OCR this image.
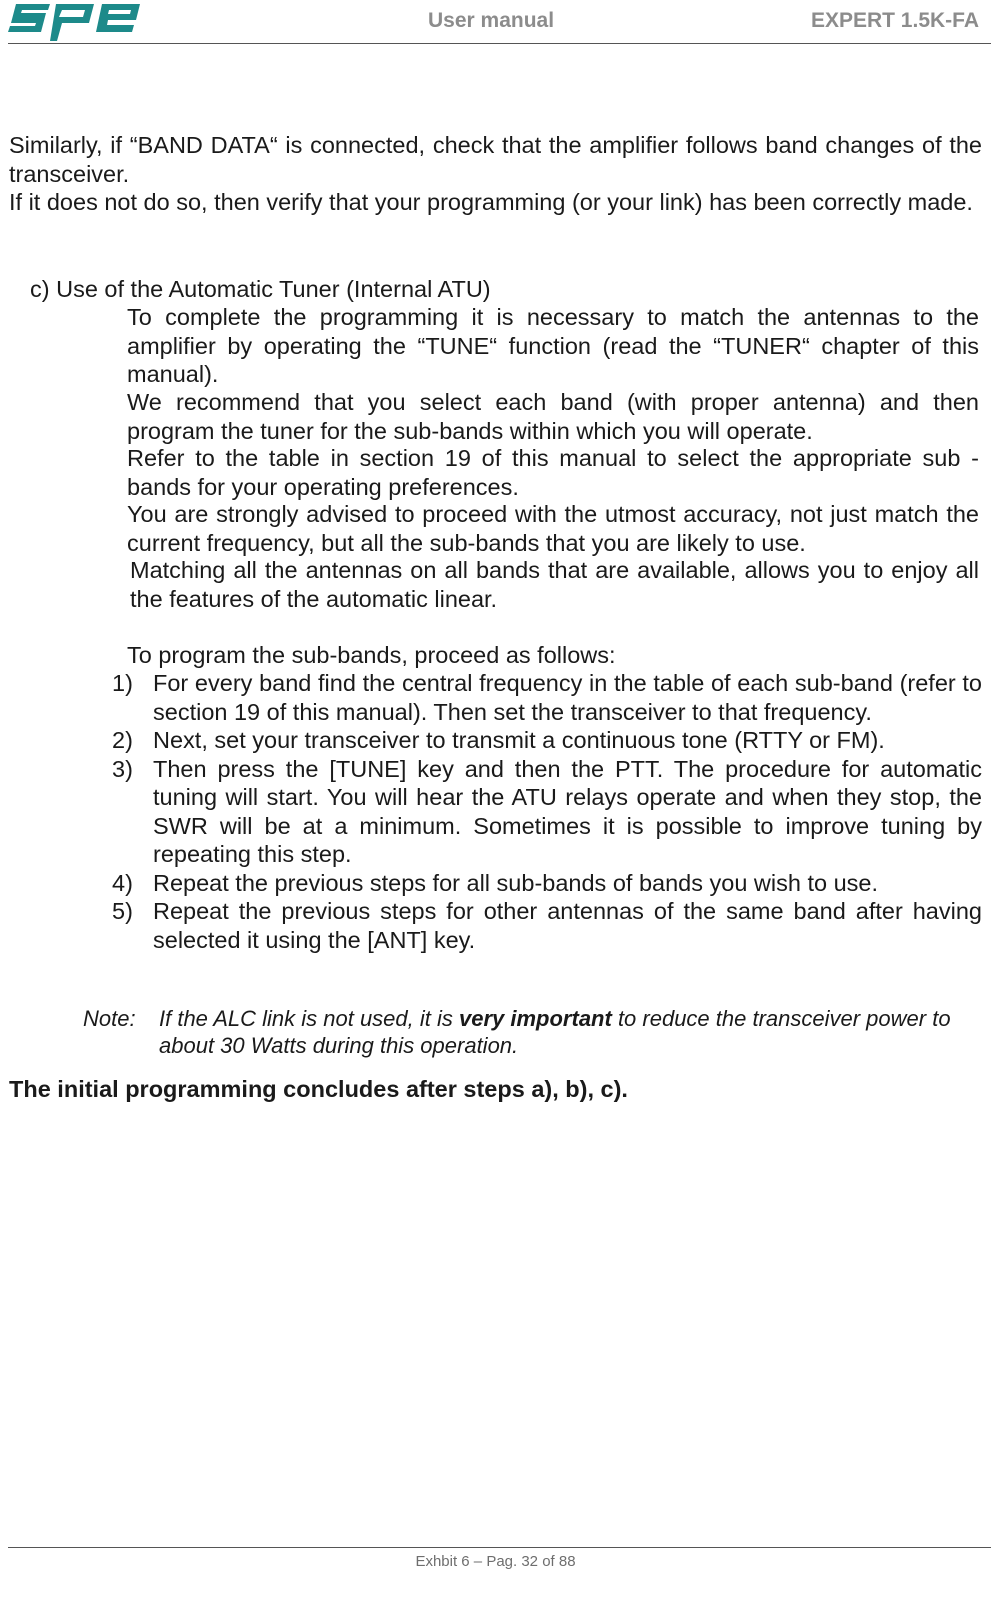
User manual	EXPERT 1.5K-FA

Similarly, if “BAND DATA“ is connected, check that the amplifier follows band changes of the transceiver.

If it does not do so, then verify that your programming (or your link) has been correctly made.

c) Use of the Automatic Tuner (Internal ATU)

To complete the programming it is necessary to match the antennas to the amplifier by operating the “TUNE“ function (read the “TUNER“ chapter of this manual).

We recommend that you select each band (with proper antenna) and then program the tuner for the sub-bands within which you will operate.

Refer to the table in section 19 of this manual to select the appropriate sub - bands for your operating preferences.

You are strongly advised to proceed with the utmost accuracy, not just match the current frequency, but all the sub-bands that you are likely to use.

Matching all the antennas on all bands that are available, allows you to enjoy all the features of the automatic linear.

To program the sub-bands, proceed as follows:
1) For every band find the central frequency in the table of each sub-band (refer to section 19 of this manual). Then set the transceiver to that frequency.
2) Next, set your transceiver to transmit a continuous tone (RTTY or FM).
3) Then press the [TUNE] key and then the PTT. The procedure for automatic tuning will start. You will hear the ATU relays operate and when they stop, the SWR will be at a minimum. Sometimes it is possible to improve tuning by repeating this step.
4) Repeat the previous steps for all sub-bands of bands you wish to use.
5) Repeat the previous steps for other antennas of the same band after having selected it using the [ANT] key.
Note: If the ALC link is not used, it is very important to reduce the transceiver power to about 30 Watts during this operation.
The initial programming concludes after steps a), b), c).
Exhbit 6 – Pag. 32 of 88
